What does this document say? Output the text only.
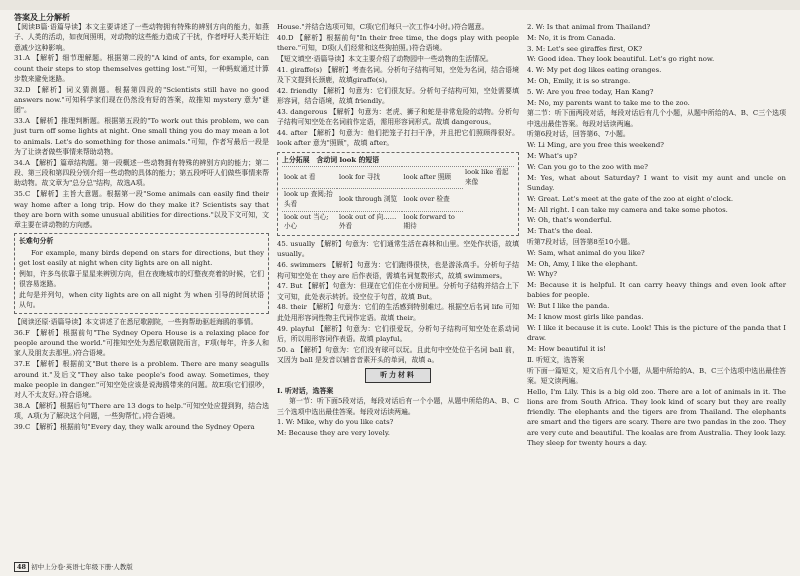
答案及上分解析

【阅读B篇·语篇导读】本文主要讲述了一些动物拥有特殊的辨别方向的能力，如燕子、人类的活动，如夜间照明，对动物的这些能力造成了干扰，作者呼吁人类开始注意减少这种影响。

31.A 【解析】细节理解题。根据第二段的"A kind of ants, for example, can count their steps to stop themselves getting lost."可知，一种蚂蚁通过计算步数来避免迷路。

32.D 【解析】词义猜测题。根据第四段的"Scientists still have no good answers now."可知科学家们现在仍然没有好的答案，故推知 mystery 意为"谜团"。

33.A 【解析】推理判断题。根据第五段的"To work out this problem, we can just turn off some lights at night. One small thing you do may mean a lot to animals. Let's do something for those animals."可知，作者写最后一段是为了让读者做些事情来帮助动物。

34.A 【解析】篇章结构题。第一段概述一些动物拥有特殊的辨别方向的能力；第二段、第三段和第四段分别介绍一些动物的具体的能力；第五段呼吁人们做些事情来帮助动物。故文章为"总分总"结构，故选A项。

35.C 【解析】主旨大意题。根据第一段"Some animals can easily find their way home after a long trip. How do they make it? Scientists say that they are born with some unusual abilities for directions."以及下文可知，文章主要在讲动物的方向感。

长难句分析

For example, many birds depend on stars for directions, but they get lost easily at night when city lights are on all night.

例如，许多鸟依靠于星星来辨别方向，但在夜晚城市的灯整夜亮着的时候，它们很容易迷路。

此句是并列句，when city lights are on all night 为 when 引导的时间状语从句。

【阅读还原·语篇导读】本文讲述了在悉尼歌剧院，一些狗帮助驱赶海鸥的事情。

36.F 【解析】根据前句"The Sydney Opera House is a relaxing place for people around the world."可推知空处为悉尼歌剧院而言，F项(每年，许多人和家人及朋友去那里。)符合语境。

37.E 【解析】根据前文"But there is a problem. There are many seagulls around it."及后文"They also take people's food away. Sometimes, they make people in danger."可知空处应该是说海鸥带来的问题。故E项(它们很吵，对人不太友好。)符合语境。

38.A 【解析】根据后句"There are 13 dogs to help."可知空处应提到狗，结合选项，A项(为了解决这个问题，一些狗帮忙。)符合语境。

39.C 【解析】根据前句"Every day, they walk around the Sydney Opera

House."并结合选项可知，C项(它们每只一次工作4小时。)符合题意。

40.D 【解析】根据前句"In their free time, the dogs play with people there."可知，D项(人们经常和这些狗拍照。)符合语境。

【短文填空·语篇导读】本文主要介绍了动物园中一些动物的生活情况。

41. giraffe(s) 【解析】考查名词。分析句子结构可知，空处为名词，结合语境及下文提到长颈鹿，故填giraffe(s)。

42. friendly 【解析】句意为：它们很友好。分析句子结构可知，空处需要填形容词，结合语境，故填 friendly。

43. dangerous 【解析】句意为：老虎、狮子和蛇是非常危险的动物。分析句子结构可知空处在名词前作定语，需用形容词形式。故填 dangerous。

44. after 【解析】句意为：他们把笼子打扫干净，并且把它们照顾得很好。look after 意为"照顾"，故填 after。

上分拓展　含动词 look 的短语
look at 看	look for 寻找	look after 照顾	look like 看起来像
look up 查阅;抬头看	look through 浏览	look over 检查	
look out 当心;小心	look out of 向……外看	look forward to 期待	

45. usually 【解析】句意为：它们通常生活在森林和山里。空处作状语，故填 usually。

46. swimmers 【解析】句意为：它们跑得很快，也是游泳高手。分析句子结构可知空处在 they are 后作表语，需填名词复数形式，故填 swimmers。

47. But 【解析】句意为：但现在它们住在小房间里。分析句子结构并结合上下文可知，此处表示转折。设空位于句首，故填 But。

48. their 【解析】句意为：它们的生活感到特别难过。根据空后名词 life 可知此处用形容词性物主代词作定语。故填 their。

49. playful 【解析】句意为：它们很爱玩，分析句子结构可知空处在系动词后，所以用形容词作表语。故填 playful。

50. a 【解析】句意为：它们没有球可以玩。且此句中空处位于名词 ball 前，又因为 ball 是发音以辅音音素开头的单词，故填 a。

听力材料

Ⅰ. 听对话，选答案

第一节：听下面5段对话，每段对话后有一个小题，从题中所给的A、B、C三个选项中选出最佳答案。每段对话读两遍。

1. W: Mike, why do you like cats?

M: Because they are very lovely.

2. W: Is that animal from Thailand?

M: No, it is from Canada.

3. M: Let's see giraffes first, OK?

W: Good idea. They look beautiful. Let's go right now.

4. W: My pet dog likes eating oranges.

M: Oh, Emily, it is so strange.

5. W: Are you free today, Han Kang?

M: No, my parents want to take me to the zoo.

第二节：听下面两段对话，每段对话后有几个小题，从题中所给的A、B、C三个选项中选出最佳答案。每段对话读两遍。

听第6段对话，回答第6、7小题。

W: Li Ming, are you free this weekend?

M: What's up?

W: Can you go to the zoo with me?

M: Yes, what about Saturday? I want to visit my aunt and uncle on Sunday.

W: Great. Let's meet at the gate of the zoo at eight o'clock.

M: All right. I can take my camera and take some photos.

W: Oh, that's wonderful.

M: That's the deal.

听第7段对话，回答第8至10小题。

W: Sam, what animal do you like?

M: Oh, Amy, I like the elephant.

W: Why?

M: Because it is helpful. It can carry heavy things and even look after babies for people.

W: But I like the panda.

M: I know most girls like pandas.

W: I like it because it is cute. Look! This is the picture of the panda that I draw.

M: How beautiful it is!

Ⅱ. 听短文，选答案

听下面一篇短文，短文后有几个小题，从题中所给的A、B、C三个选项中选出最佳答案。短文读两遍。

Hello, I'm Lily. This is a big old zoo. There are a lot of animals in it. The lions are from South Africa. They look kind of scary but they are really friendly. The elephants and the tigers are from Thailand. The elephants are smart and the tigers are scary. There are two pandas in the zoo. They are very cute and beautiful. The koalas are from Australia. They look lazy. They sleep for twenty hours a day.

48 初中上分卷·英语七年级下册·人教版
